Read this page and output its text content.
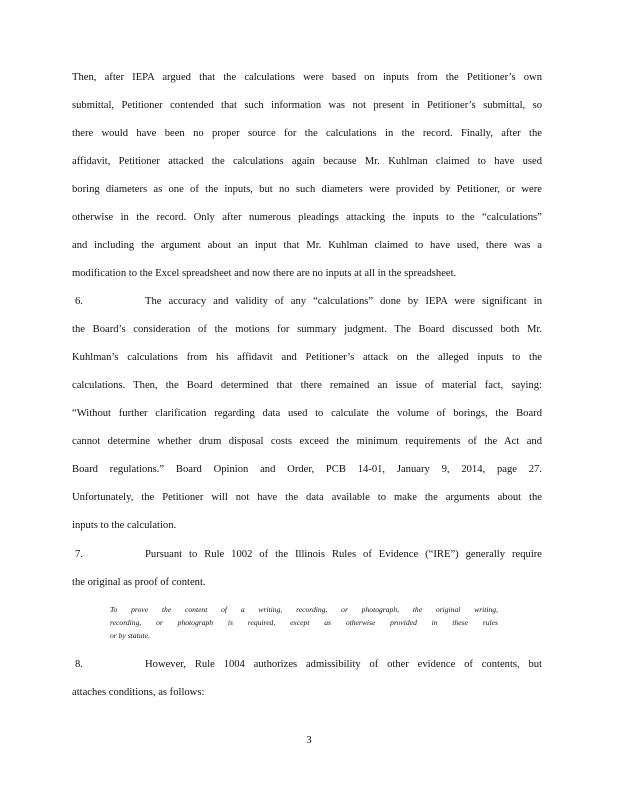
Then, after IEPA argued that the calculations were based on inputs from the Petitioner’s own
submittal, Petitioner contended that such information was not present in Petitioner’s submittal, so
there would have been no proper source for the calculations in the record. Finally, after the
affidavit, Petitioner attacked the calculations again because Mr. Kuhlman claimed to have used
boring diameters as one of the inputs, but no such diameters were provided by Petitioner, or were
otherwise in the record. Only after numerous pleadings attacking the inputs to the “calculations”
and including the argument about an input that Mr. Kuhlman claimed to have used, there was a
modification to the Excel spreadsheet and now there are no inputs at all in the spreadsheet.
6.	The accuracy and validity of any “calculations” done by IEPA were significant in
the Board’s consideration of the motions for summary judgment. The Board discussed both Mr.
Kuhlman’s calculations from his affidavit and Petitioner’s attack on the alleged inputs to the
calculations. Then, the Board determined that there remained an issue of material fact, saying:
“Without further clarification regarding data used to calculate the volume of borings, the Board
cannot determine whether drum disposal costs exceed the minimum requirements of the Act and
Board regulations.” Board Opinion and Order, PCB 14-01, January 9, 2014, page 27.
Unfortunately, the Petitioner will not have the data available to make the arguments about the
inputs to the calculation.
7.	Pursuant to Rule 1002 of the Illinois Rules of Evidence (“IRE”) generally require
the original as proof of content.
To prove the content of a writing, recording, or photograph, the original writing,
recording, or photograph is required, except as otherwise provided in these rules
or by statute.
8.	However, Rule 1004 authorizes admissibility of other evidence of contents, but
attaches conditions, as follows:
3
